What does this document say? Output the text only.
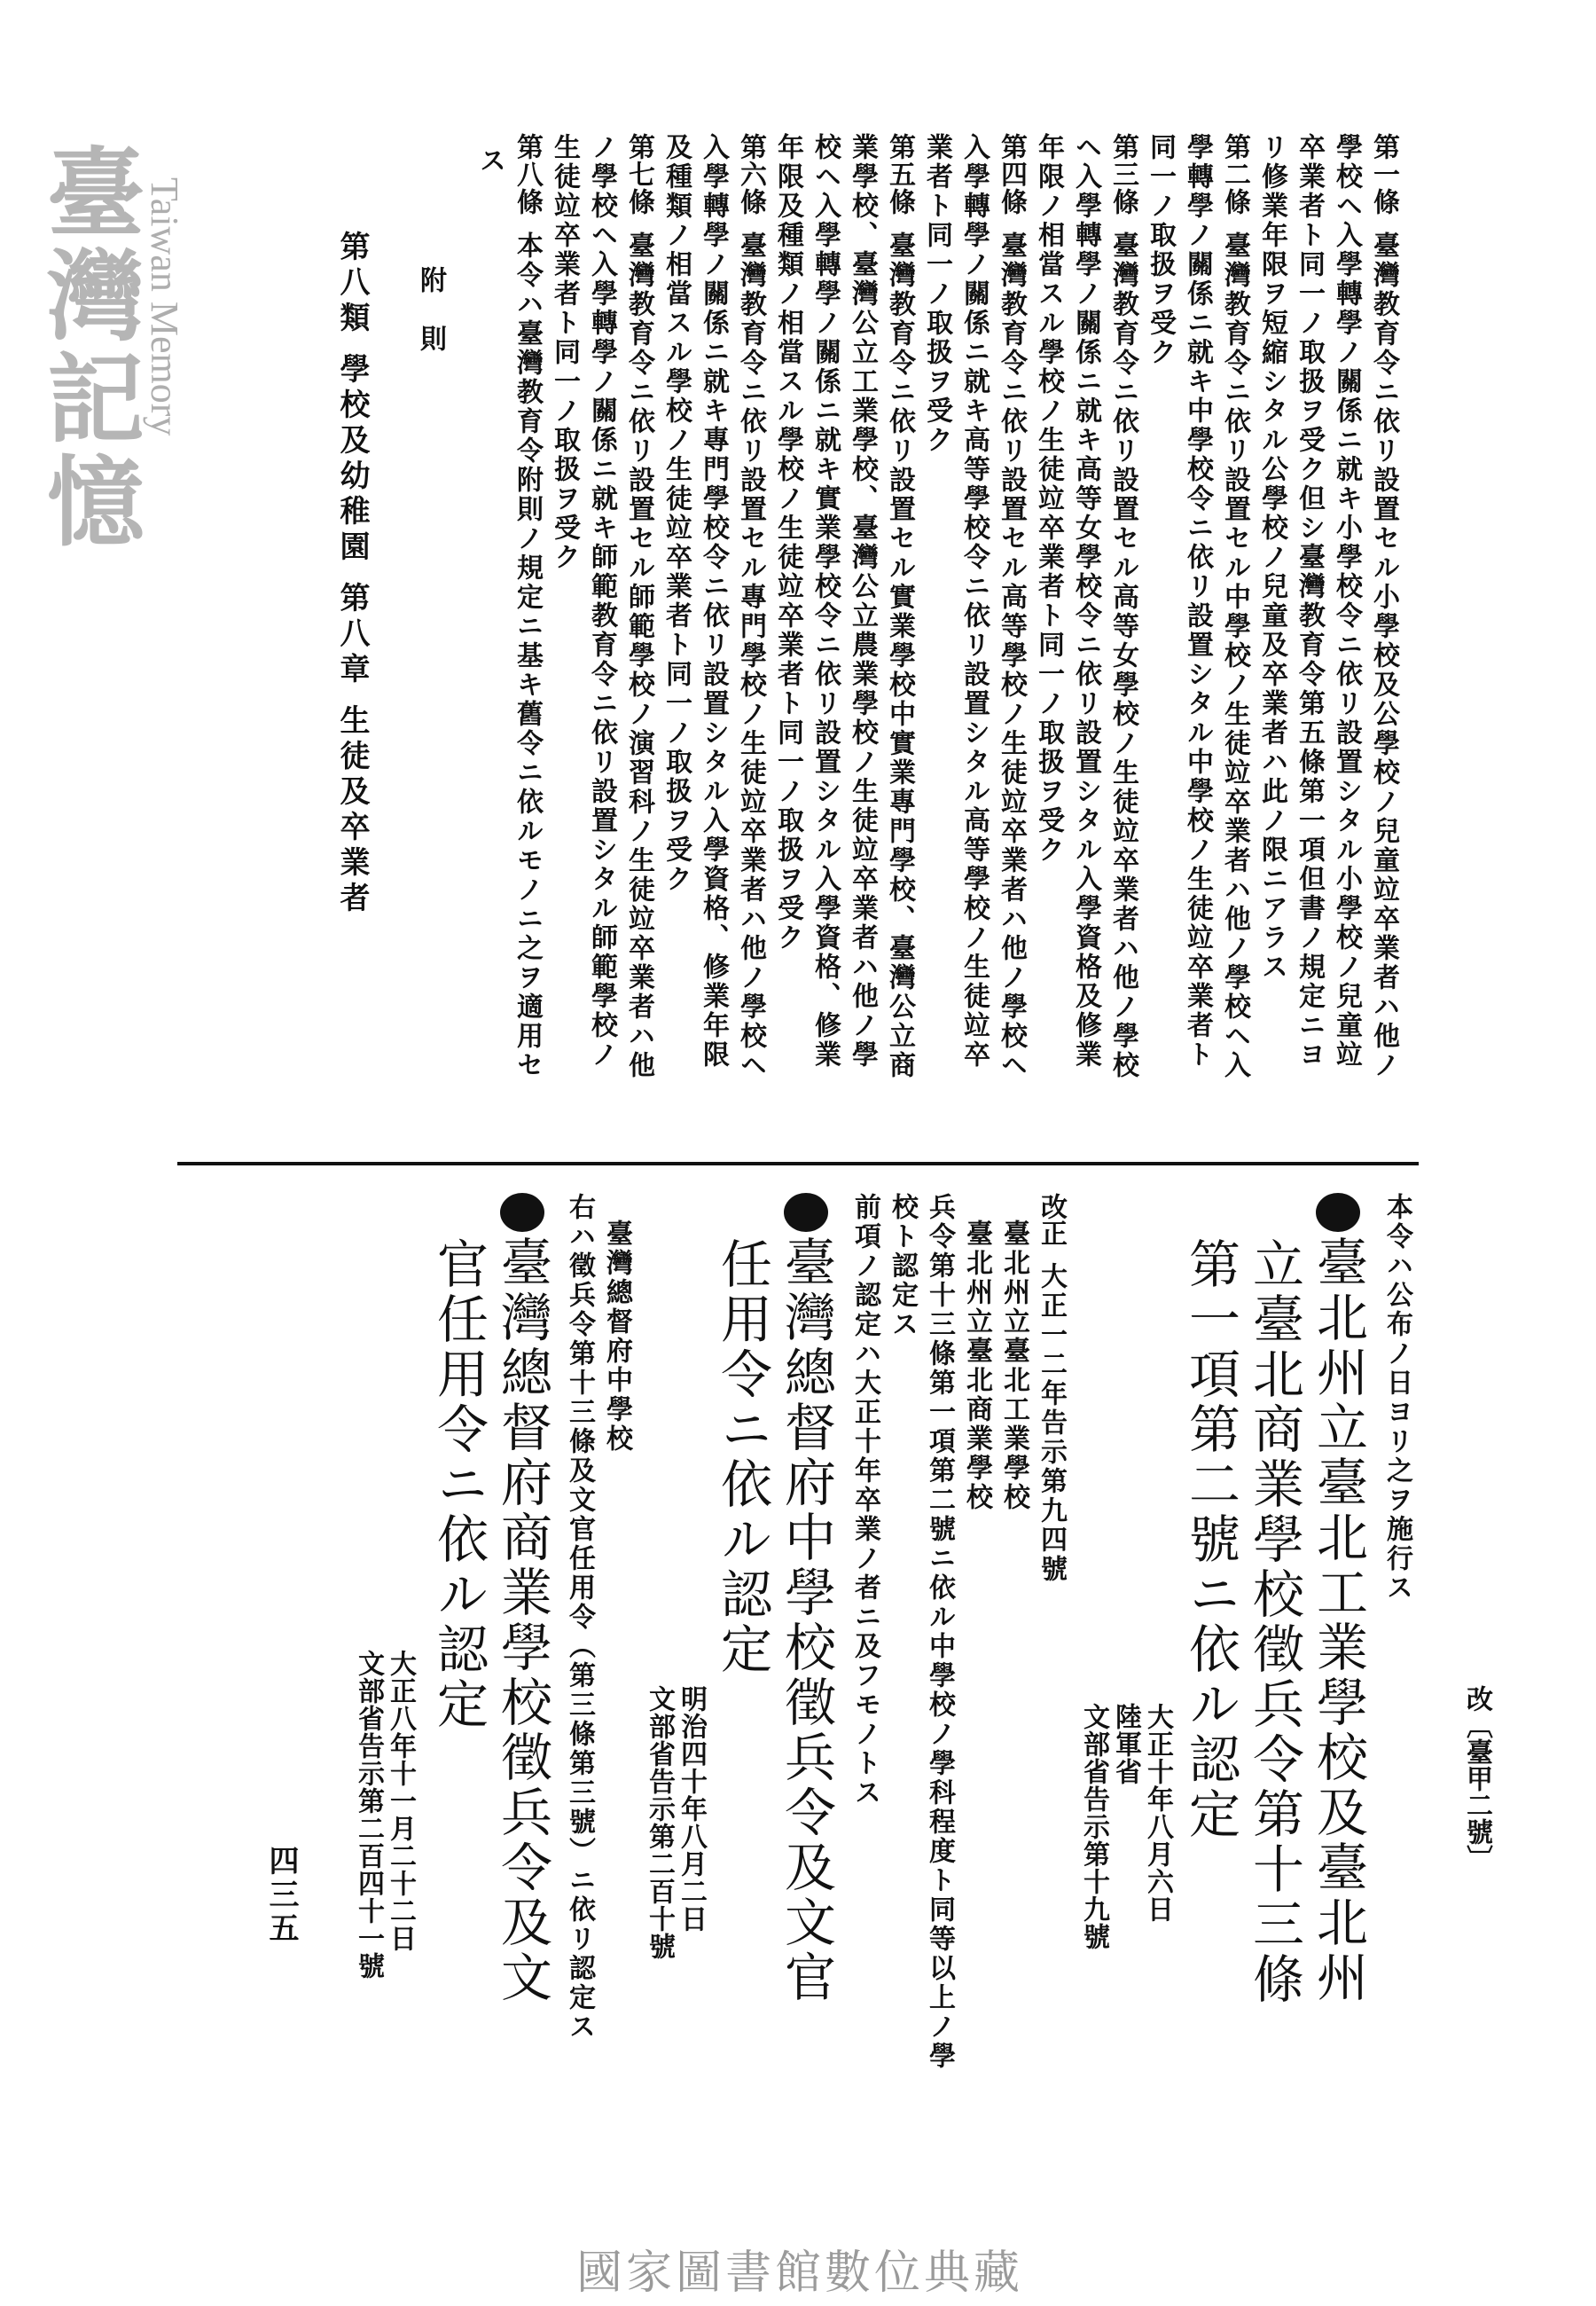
第一條臺灣教育令ニ依リ設置セル小學校及公學校ノ兒童竝卒業者ハ他ノ
學校ヘ入學轉學ノ關係ニ就キ小學校令ニ依リ設置シタル小學校ノ兒童竝
卒業者ト同一ノ取扱ヲ受ク但シ臺灣教育令第五條第一項但書ノ規定ニヨ
リ修業年限ヲ短縮シタル公學校ノ兒童及卒業者ハ此ノ限ニアラス
第二條臺灣教育令ニ依リ設置セル中學校ノ生徒竝卒業者ハ他ノ學校ヘ入
學轉學ノ關係ニ就キ中學校令ニ依リ設置シタル中學校ノ生徒竝卒業者ト
同一ノ取扱ヲ受ク
第三條臺灣教育令ニ依リ設置セル高等女學校ノ生徒竝卒業者ハ他ノ學校
ヘ入學轉學ノ關係ニ就キ高等女學校令ニ依リ設置シタル入學資格及修業
年限ノ相當スル學校ノ生徒竝卒業者ト同一ノ取扱ヲ受ク
第四條臺灣教育令ニ依リ設置セル高等學校ノ生徒竝卒業者ハ他ノ學校ヘ
入學轉學ノ關係ニ就キ高等學校令ニ依リ設置シタル高等學校ノ生徒竝卒
業者ト同一ノ取扱ヲ受ク
第五條臺灣教育令ニ依リ設置セル實業學校中實業專門學校、臺灣公立商
業學校、臺灣公立工業學校、臺灣公立農業學校ノ生徒竝卒業者ハ他ノ學
校ヘ入學轉學ノ關係ニ就キ實業學校令ニ依リ設置シタル入學資格、修業
年限及種類ノ相當スル學校ノ生徒竝卒業者ト同一ノ取扱ヲ受ク
第六條臺灣教育令ニ依リ設置セル專門學校ノ生徒竝卒業者ハ他ノ學校ヘ
入學轉學ノ關係ニ就キ專門學校令ニ依リ設置シタル入學資格、修業年限
及種類ノ相當スル學校ノ生徒竝卒業者ト同一ノ取扱ヲ受ク
第七條臺灣教育令ニ依リ設置セル師範學校ノ演習科ノ生徒竝卒業者ハ他
ノ學校ヘ入學轉學ノ關係ニ就キ師範教育令ニ依リ設置シタル師範學校ノ
生徒竝卒業者ト同一ノ取扱ヲ受ク
第八條本令ハ臺灣教育令附則ノ規定ニ基キ舊令ニ依ルモノニ之ヲ適用セ
ス
附則
第八類學校及幼稚園第八章生徒及卒業者
臺灣記憶
Taiwan Memory
本令ハ公布ノ日ヨリ之ヲ施行ス
改〔臺甲二號〕
臺北州立臺北工業學校及臺北州
立臺北商業學校徵兵令第十三條
第一項第二號ニ依ル認定
大正十年八月六日
陸軍省
文部省告示第十九號
改正大正一二年告示第九四號
臺北州立臺北工業學校
臺北州立臺北商業學校
兵令第十三條第一項第二號ニ依ル中學校ノ學科程度ト同等以上ノ學
校ト認定ス
前項ノ認定ハ大正十年卒業ノ者ニ及フモノトス
臺灣總督府中學校徵兵令及文官
任用令ニ依ル認定
明治四十年八月二日
文部省告示第二百十號
臺灣總督府中學校
右ハ徵兵令第十三條及文官任用令（第三條第三號）ニ依リ認定ス
臺灣總督府商業學校徵兵令及文
官任用令ニ依ル認定
大正八年十一月二十二日
文部省告示第二百四十一號
四三五
國家圖書館數位典藏
